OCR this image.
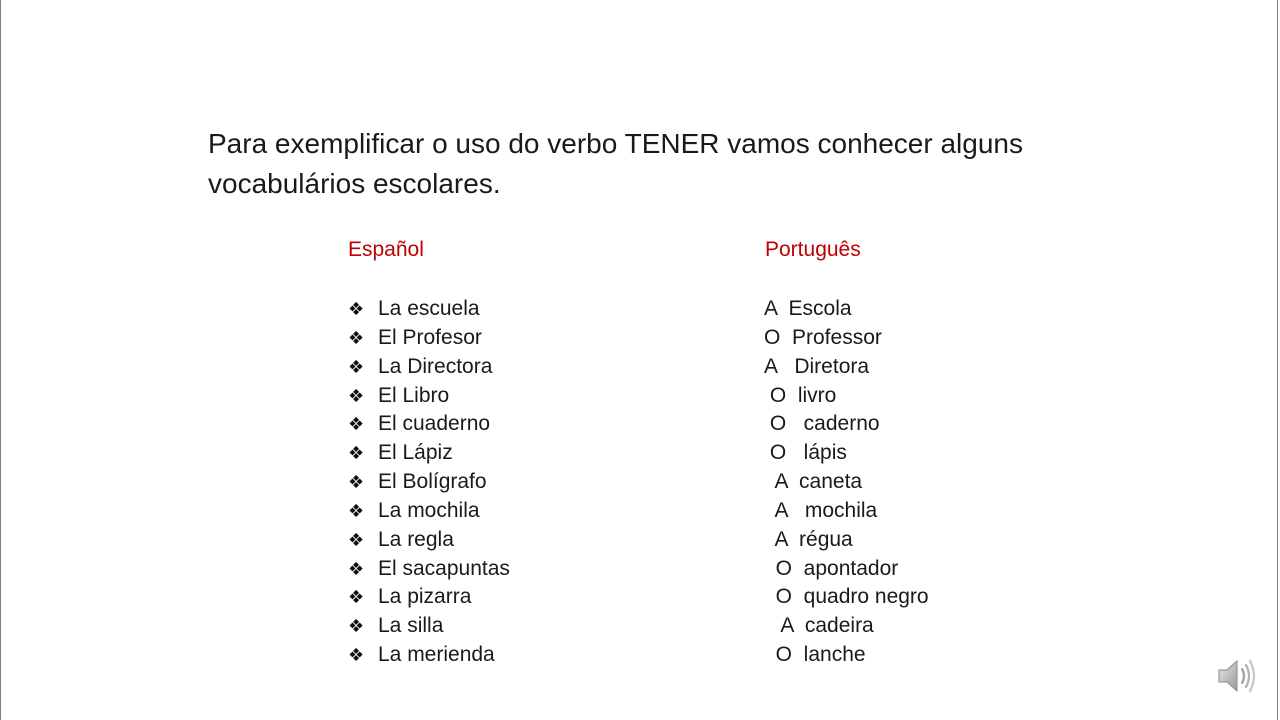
Para exemplificar o uso do verbo TENER vamos conhecer alguns
vocabulários escolares.
Español	Português
❖ La escuela
❖ El Profesor
❖ La Directora
❖ El Libro
❖ El cuaderno
❖ El Lápiz
❖ El Bolígrafo
❖ La mochila
❖ La regla
❖ El sacapuntas
❖ La pizarra
❖ La silla
❖ La merienda
A  Escola
O  Professor
A   Diretora
O  livro
O   caderno
O   lápis
A  caneta
A   mochila
A  régua
O  apontador
O  quadro negro
A  cadeira
O  lanche
